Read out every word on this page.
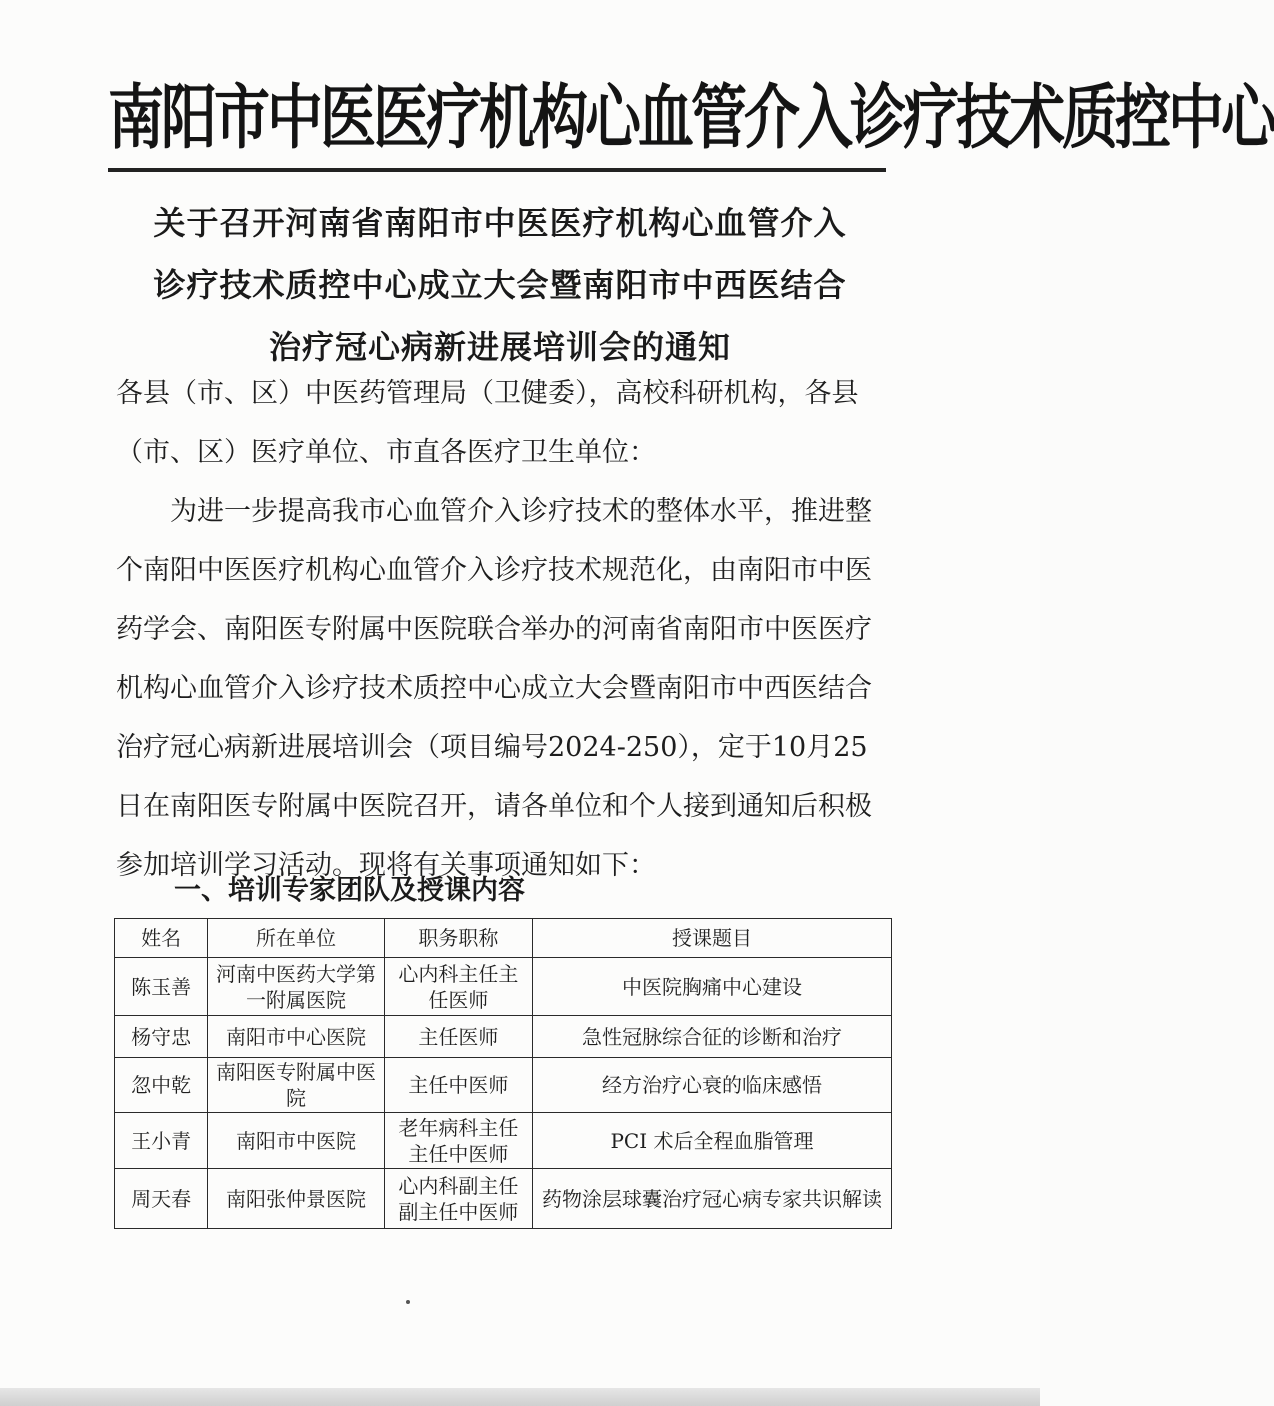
南阳市中医医疗机构心血管介入诊疗技术质控中心
关于召开河南省南阳市中医医疗机构心血管介入
诊疗技术质控中心成立大会暨南阳市中西医结合
治疗冠心病新进展培训会的通知

各县（市、区）中医药管理局（卫健委），高校科研机构，各县（市、区）医疗单位、市直各医疗卫生单位：

为进一步提高我市心血管介入诊疗技术的整体水平，推进整个南阳中医医疗机构心血管介入诊疗技术规范化，由南阳市中医药学会、南阳医专附属中医院联合举办的河南省南阳市中医医疗机构心血管介入诊疗技术质控中心成立大会暨南阳市中西医结合治疗冠心病新进展培训会（项目编号2024-250），定于10月25日在南阳医专附属中医院召开，请各单位和个人接到通知后积极参加培训学习活动。现将有关事项通知如下：

一、培训专家团队及授课内容
姓名	所在单位	职务职称	授课题目
陈玉善	河南中医药大学第一附属医院	心内科主任主任医师	中医院胸痛中心建设
杨守忠	南阳市中心医院	主任医师	急性冠脉综合征的诊断和治疗
忽中乾	南阳医专附属中医院	主任中医师	经方治疗心衰的临床感悟
王小青	南阳市中医院	老年病科主任主任中医师	PCI 术后全程血脂管理
周天春	南阳张仲景医院	心内科副主任副主任中医师	药物涂层球囊治疗冠心病专家共识解读
